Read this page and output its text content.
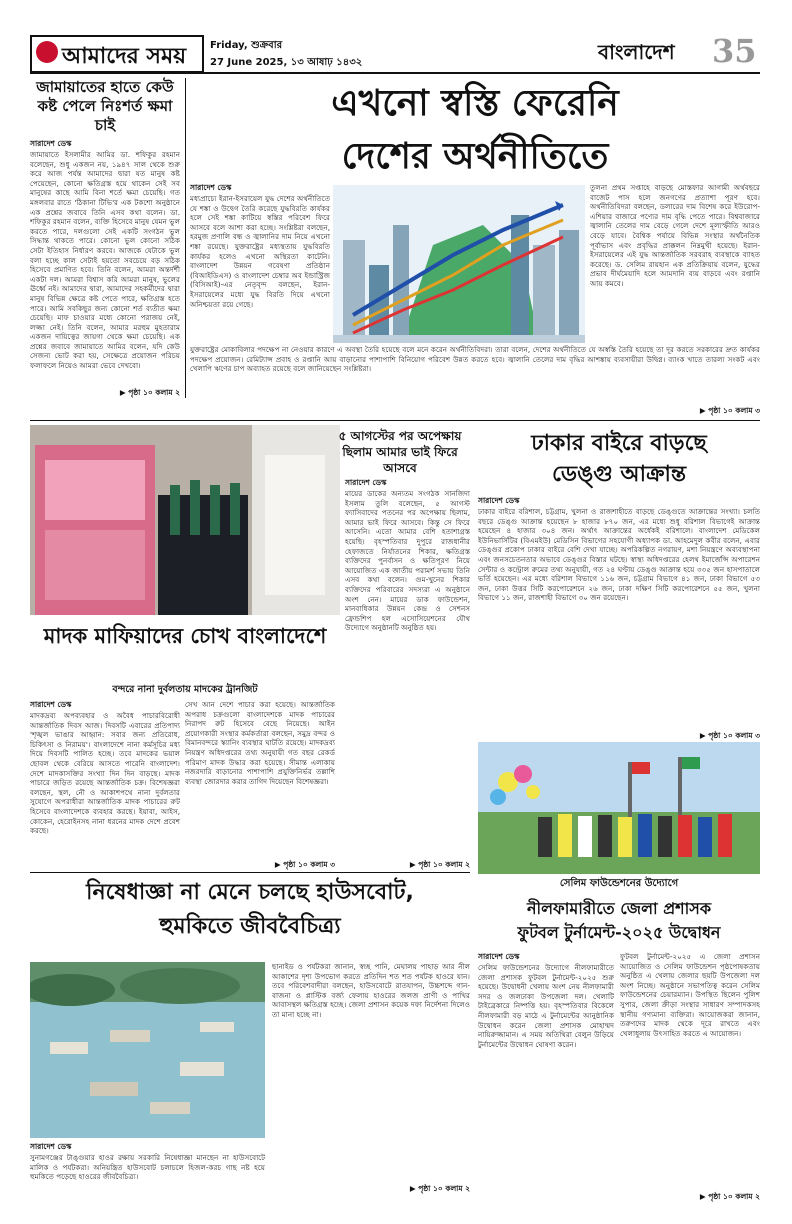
আমাদের সময় Friday, শুক্রবার
27 June 2025, ১৩ আষাঢ় ১৪৩২	বাংলাদেশ 35
জামায়াতের হাতে কেউ কষ্ট পেলে নিঃশর্ত ক্ষমা চাই
সারাদেশ ডেস্ক
জামায়াতে ইসলামীর আমির ডা. শফিকুর রহমান বলেছেন, শুধু একজন নয়, ১৯৪৭ সাল থেকে শুরু করে আজ পর্যন্ত আমাদের দ্বারা যত মানুষ কষ্ট পেয়েছেন, কোনো ক্ষতিগ্রস্ত হয়ে থাকেন সেই সব মানুষের কাছে আমি বিনা শর্তে ক্ষমা চেয়েছি। গত মঙ্গলবার রাতে 'ঠিকানা টিভি'র এক টকশো অনুষ্ঠানে এক প্রশ্নের জবাবে তিনি এসব কথা বলেন। ডা. শফিকুর রহমান বলেন, ব্যক্তি হিসেবে মানুষ যেমন ভুল করতে পারে, দলগুলো সেই একটি সংগঠন ভুল সিদ্ধান্ত থাকতে পারে। কোনো ভুল কোনো সঠিক সেটা ইতিহাস নির্ধারণ করবে। আজকে যেটাকে ভুল বলা হচ্ছে কাল সেটাই হয়তো সবচেয়ে বড় সঠিক হিসেবে প্রমাণিত হবে। তিনি বলেন, আমরা অন্তর্দর্শী একটা দল। আমরা বিশ্বাস করি আমরা মানুষ, ভুলের ঊর্ধ্বে নই। আমাদের দ্বারা, আমাদের সহকর্মীদের দ্বারা মানুষ বিভিন্ন ক্ষেত্রে কষ্ট পেতে পারে, ক্ষতিগ্রস্ত হতে পারে। আমি সবকিছুর জন্য কোনো শর্ত ব্যতীত ক্ষমা চেয়েছি। মাফ চাওয়ার মধ্যে কোনো পরাজয় নেই, লজ্জা নেই। তিনি বলেন, আমার মরহুম মুহতারাম একজন দায়িত্বের জায়গা থেকে ক্ষমা চেয়েছি। এক প্রশ্নের জবাবে জামায়াতে আমির বলেন, যদি কেউ সেজন্য ভোট করা হয়, সেক্ষেত্রে প্রয়োজন পরিচয় ফলাফলে নিয়েও আমরা ভেবে দেখবো।
▶ পৃষ্ঠা ১০ কলাম ২
এখনো স্বস্তি ফেরেনি
দেশের অর্থনীতিতে
সারাদেশ ডেস্ক
মধ্যপ্রাচ্যে ইরান-ইসরায়েল যুদ্ধ দেশের অর্থনীতিতে যে শঙ্কা ও উদ্বেগ তৈরি করেছে যুদ্ধবিরতি কার্যকর হলে সেই শঙ্কা কাটিয়ে স্বস্তির পরিবেশ ফিরে আসবে বলে আশা করা হচ্ছে। সংশ্লিষ্টরা বলছেন, হরমুজ প্রণালি বন্ধ ও জ্বালানির দাম নিয়ে এখনো শঙ্কা রয়েছে। যুক্তরাষ্ট্রের মধ্যস্থতায় যুদ্ধবিরতি কার্যকর হলেও এখনো অস্থিরতা কাটেনি। বাংলাদেশ উন্নয়ন গবেষণা প্রতিষ্ঠান (বিআইডিএস) ও বাংলাদেশ চেম্বার অব ইন্ডাস্ট্রিজ (বিসিআই)-এর নেতৃবৃন্দ বলছেন, ইরান-ইসরায়েলের মধ্যে যুদ্ধ বিরতি দিয়ে এখনো অনিশ্চয়তা রয়ে গেছে।
তুলনা প্রথম সপ্তাহে বাড়ছে মোস্তফার আগামী অর্থবছরে বাজেট পাস হলে জনগণের প্রত্যাশা পূরণ হবে। অর্থনীতিবিদরা বলছেন, ডলারের দাম বিশেষ করে ইউরোপ-এশিয়ার বাজারে পণ্যের দাম বৃদ্ধি পেতে পারে। বিশ্ববাজারে জ্বালানি তেলের দাম বেড়ে গেলে দেশে মূল্যস্ফীতি আরও বেড়ে যাবে। বৈশ্বিক পর্যায়ে বিভিন্ন সংস্থার অর্থনৈতিক পূর্বাভাস এবং প্রবৃদ্ধির প্রাক্কলন নিম্নমুখী হয়েছে। ইরান-ইসরায়েলের এই যুদ্ধ আন্তর্জাতিক সরবরাহ ব্যবস্থাকে ব্যাহত করেছে। ড. সেলিম রায়হান এক প্রতিক্রিয়ায় বলেন, যুদ্ধের প্রভাব দীর্ঘমেয়াদি হলে আমদানি ব্যয় বাড়বে এবং রপ্তানি আয় কমবে।
যুক্তরাষ্ট্রের মোকাবিলার পদক্ষেপ না নেওয়ার কারণে এ অবস্থা তৈরি হয়েছে বলে মনে করেন অর্থনীতিবিদরা। তারা বলেন, দেশের অর্থনীতিতে যে অস্বস্তি তৈরি হয়েছে তা দূর করতে সরকারের দ্রুত কার্যকর পদক্ষেপ প্রয়োজন। রেমিট্যান্স প্রবাহ ও রপ্তানি আয় বাড়ানোর পাশাপাশি বিনিয়োগ পরিবেশ উন্নত করতে হবে। জ্বালানি তেলের দাম বৃদ্ধির আশঙ্কায় ব্যবসায়ীরা উদ্বিগ্ন। ব্যাংক খাতে তারল্য সংকট এবং খেলাপি ঋণের চাপ অব্যাহত রয়েছে বলে জানিয়েছেন সংশ্লিষ্টরা।
▶ পৃষ্ঠা ১০ কলাম ৩
৫ আগস্টের পর অপেক্ষায় ছিলাম আমার ভাই ফিরে আসবে
সারাদেশ ডেস্ক
মায়ের ডাকের অন্যতম সংগঠক সানজিদা ইসলাম তুলি বলেছেন, ৫ আগস্ট ফ্যাসিবাদের পতনের পর অপেক্ষায় ছিলাম, আমার ভাই ফিরে আসবে। কিন্তু সে ফিরে আসেনি। এতো আমার বেশি হতাশাগ্রস্ত হয়েছি। বৃহস্পতিবার দুপুরে রাজধানীর হেফাজতে নির্যাতনের শিকার, ক্ষতিগ্রস্ত ব্যক্তিদের পুনর্বাসন ও ক্ষতিপূরণ নিয়ে আয়োজিত এক জাতীয় পরামর্শ সভায় তিনি এসব কথা বলেন। গুম-খুনের শিকার ব্যক্তিদের পরিবারের সদস্যরা এ অনুষ্ঠানে অংশ নেন। মায়ের ডাক ফাউন্ডেশন, মানবাধিকার উন্নয়ন কেন্দ্র ও সেশনস ফ্রেন্ডশিপ হল এসোসিয়েশনের যৌথ উদ্যোগে অনুষ্ঠানটি অনুষ্ঠিত হয়।
▶ পৃষ্ঠা ১০ কলাম ২
মাদক মাফিয়াদের চোখ বাংলাদেশে
বন্দরে নানা দুর্বলতায় মাদকের ট্রানজিট
সারাদেশ ডেস্ক
মাদকদ্রব্য অপব্যবহার ও অবৈধ পাচারবিরোধী আন্তর্জাতিক দিবস আজ। দিবসটি এবারের প্রতিপাদ্য 'শৃঙ্খল ভাঙার আহ্বান: সবার জন্য প্রতিরোধ, চিকিৎসা ও নিরাময়'। বাংলাদেশে নানা কর্মসূচির মধ্য দিয়ে দিবসটি পালিত হচ্ছে। তবে মাদকের ভয়াল ছোবল থেকে বেরিয়ে আসতে পারেনি বাংলাদেশ। দেশে মাদকাসক্তির সংখ্যা দিন দিন বাড়ছে। মাদক পাচারে জড়িত রয়েছে আন্তর্জাতিক চক্র। বিশেষজ্ঞরা বলছেন, স্থল, নৌ ও আকাশপথে নানা দুর্বলতার সুযোগে অপরাধীরা আন্তর্জাতিক মাদক পাচারের রুট হিসেবে বাংলাদেশকে ব্যবহার করছে। ইয়াবা, আইস, কোকেন, হেরোইনসহ নানা ধরনের মাদক দেশে প্রবেশ করছে।
সেখ আন দেশে পাচার করা হয়েছে। আন্তর্জাতিক অপরাধ চক্রগুলো বাংলাদেশকে মাদক পাচারের নিরাপদ রুট হিসেবে বেছে নিয়েছে। আইন প্রয়োগকারী সংস্থার কর্মকর্তারা বলছেন, সমুদ্র বন্দর ও বিমানবন্দরে স্ক্যানিং ব্যবস্থার ঘাটতি রয়েছে। মাদকদ্রব্য নিয়ন্ত্রণ অধিদপ্তরের তথ্য অনুযায়ী গত বছর রেকর্ড পরিমাণ মাদক উদ্ধার করা হয়েছে। সীমান্ত এলাকায় নজরদারি বাড়ানোর পাশাপাশি প্রযুক্তিনির্ভর তল্লাশি ব্যবস্থা জোরদার করার তাগিদ দিয়েছেন বিশেষজ্ঞরা।
▶ পৃষ্ঠা ১০ কলাম ৩
ঢাকার বাইরে বাড়ছে
ডেঙ্গু আক্রান্ত
সারাদেশ ডেস্ক
ঢাকার বাইরে বরিশাল, চট্টগ্রাম, খুলনা ও রাজশাহীতে বাড়ছে ডেঙ্গুতে আক্রান্তের সংখ্যা। চলতি বছরে ডেঙ্গু আক্রান্ত হয়েছেন ৮ হাজার ৮৭০ জন, এর মধ্যে শুধু বরিশাল বিভাগেই আক্রান্ত হয়েছেন ৪ হাজার ৩০৪ জন। অর্থাৎ আক্রান্তের অর্ধেকই বরিশালে। বাংলাদেশ মেডিকেল ইউনিভার্সিটির (বিএমইউ) মেডিসিন বিভাগের সহযোগী অধ্যাপক ডা. আহমেদুল কবীর বলেন, এবার ডেঙ্গুর প্রকোপ ঢাকার বাইরে বেশি দেখা যাচ্ছে। অপরিকল্পিত নগরায়ণ, মশা নিয়ন্ত্রণে অব্যবস্থাপনা এবং জনসচেতনতার অভাবে ডেঙ্গুর বিস্তার ঘটছে। স্বাস্থ্য অধিদপ্তরের হেলথ ইমার্জেন্সি অপারেশন সেন্টার ও কন্ট্রোল রুমের তথ্য অনুযায়ী, গত ২৪ ঘণ্টায় ডেঙ্গু আক্রান্ত হয়ে ৩৩৫ জন হাসপাতালে ভর্তি হয়েছেন। এর মধ্যে বরিশাল বিভাগে ১১৬ জন, চট্টগ্রাম বিভাগে ৪১ জন, ঢাকা বিভাগে ৫৩ জন, ঢাকা উত্তর সিটি করপোরেশনে ২৬ জন, ঢাকা দক্ষিণ সিটি করপোরেশনে ৫৫ জন, খুলনা বিভাগে ১১ জন, রাজশাহী বিভাগে ৩০ জন রয়েছেন।
▶ পৃষ্ঠা ১০ কলাম ৩
সেলিম ফাউন্ডেশনের উদ্যোগে
নিষেধাজ্ঞা না মেনে চলছে হাউসবোট,
হুমকিতে জীববৈচিত্র্য
ছানাইড ও পর্যটকরা জানান, স্বচ্ছ পানি, মেঘালয় পাহাড় আর নীল আকাশের দৃশ্য উপভোগ করতে প্রতিদিন শত শত পর্যটক হাওরে যান। তবে পরিবেশবাদীরা বলছেন, হাউসবোটে রাতযাপন, উচ্চশব্দে গান-বাজনা ও প্লাস্টিক বর্জ্য ফেলায় হাওরের জলজ প্রাণী ও পাখির আবাসস্থল ক্ষতিগ্রস্ত হচ্ছে। জেলা প্রশাসন কয়েক দফা নির্দেশনা দিলেও তা মানা হচ্ছে না।
সারাদেশ ডেস্ক
সুনামগঞ্জের টাঙ্গুয়ার হাওর রক্ষায় সরকারি নিষেধাজ্ঞা মানছেন না হাউসবোটে মালিক ও পর্যটকরা। অনিয়ন্ত্রিত হাউসবোট চলাচলে হিজল-করচ গাছ নষ্ট হয়ে হুমকিতে পড়েছে হাওরের জীববৈচিত্র্য।
▶ পৃষ্ঠা ১০ কলাম ২
নীলফামারীতে জেলা প্রশাসক
ফুটবল টুর্নামেন্ট-২০২৫ উদ্বোধন
সারাদেশ ডেস্ক
সেলিম ফাউন্ডেশনের উদ্যোগে নীলফামারীতে জেলা প্রশাসক ফুটবল টুর্নামেন্ট-২০২৫ শুরু হয়েছে। উদ্বোধনী খেলায় অংশ নেয় নীলফামারী সদর ও জলঢাকা উপজেলা দল। খেলাটি টাইব্রেকারে নিষ্পত্তি হয়। বৃহস্পতিবার বিকেলে নীলফামারী বড় মাঠে এ টুর্নামেন্টের আনুষ্ঠানিক উদ্বোধন করেন জেলা প্রশাসক মোহাম্মদ নায়িরুজ্জামান। এ সময় অতিথিরা বেলুন উড়িয়ে টুর্নামেন্টের উদ্বোধন ঘোষণা করেন।
ফুটবল টুর্নামেন্ট-২০২৫ এ জেলা প্রশাসন আয়োজিত ও সেলিম ফাউন্ডেশন পৃষ্ঠপোষকতায় অনুষ্ঠিত এ খেলায় জেলার ছয়টি উপজেলা দল অংশ নিচ্ছে। অনুষ্ঠানে সভাপতিত্ব করেন সেলিম ফাউন্ডেশনের চেয়ারম্যান। উপস্থিত ছিলেন পুলিশ সুপার, জেলা ক্রীড়া সংস্থার সাধারণ সম্পাদকসহ স্থানীয় গণ্যমান্য ব্যক্তিরা। আয়োজকরা জানান, তরুণদের মাদক থেকে দূরে রাখতে এবং খেলাধুলায় উৎসাহিত করতে এ আয়োজন।
▶ পৃষ্ঠা ১০ কলাম ২
